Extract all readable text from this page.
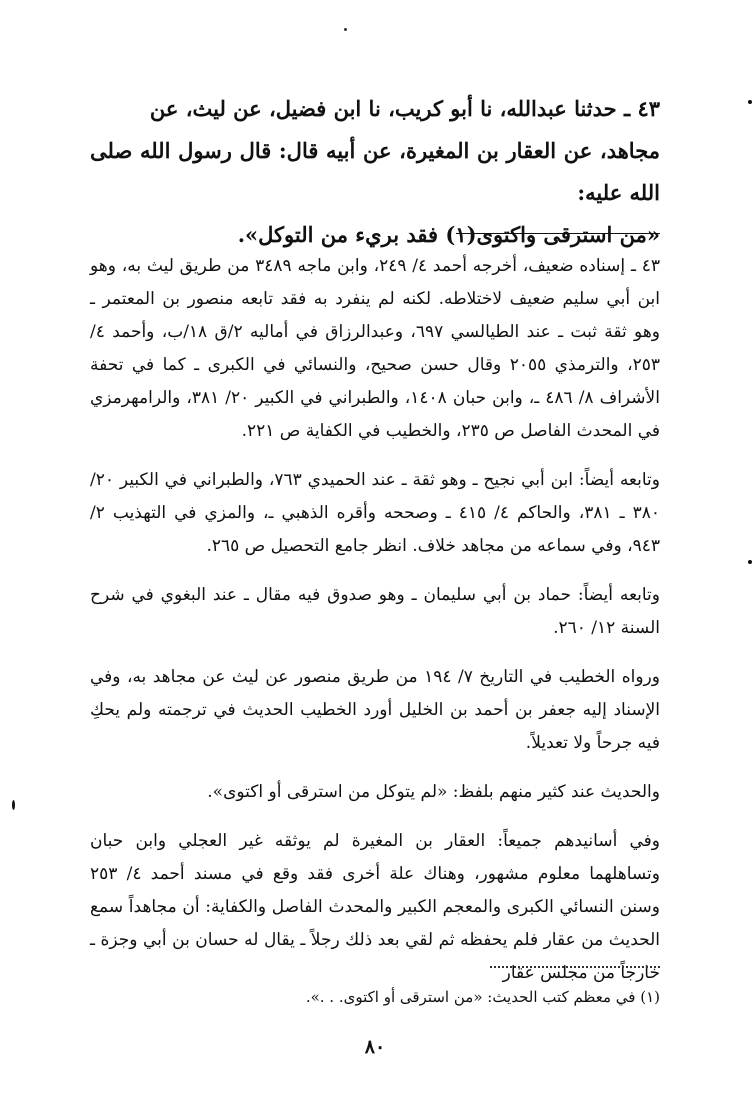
٤٣ ـ حدثنا عبدالله، نا أبو كريب، نا ابن فضيل، عن ليث، عن

مجاهد، عن العقار بن المغيرة، عن أبيه قال: قال رسول الله صلى الله عليه:

«من استرقى واكتوى(١) فقد بريء من التوكل».

٤٣ ـ إسناده ضعيف، أخرجه أحمد ٤/ ٢٤٩، وابن ماجه ٣٤٨٩ من طريق ليث به، وهو ابن أبي سليم ضعيف لاختلاطه. لكنه لم ينفرد به فقد تابعه منصور بن المعتمر ـ وهو ثقة ثبت ـ عند الطيالسي ٦٩٧، وعبدالرزاق في أماليه ٢/ق ١٨/ب، وأحمد ٤/ ٢٥٣، والترمذي ٢٠٥٥ وقال حسن صحيح، والنسائي في الكبرى ـ كما في تحفة الأشراف ٨/ ٤٨٦ ـ، وابن حبان ١٤٠٨، والطبراني في الكبير ٢٠/ ٣٨١، والرامهرمزي في المحدث الفاصل ص ٢٣٥، والخطيب في الكفاية ص ٢٢١.

وتابعه أيضاً: ابن أبي نجيح ـ وهو ثقة ـ عند الحميدي ٧٦٣، والطبراني في الكبير ٢٠/ ٣٨٠ ـ ٣٨١، والحاكم ٤/ ٤١٥ ـ وصححه وأقره الذهبي ـ، والمزي في التهذيب ٢/ ٩٤٣، وفي سماعه من مجاهد خلاف. انظر جامع التحصيل ص ٢٦٥.

وتابعه أيضاً: حماد بن أبي سليمان ـ وهو صدوق فيه مقال ـ عند البغوي في شرح السنة ١٢/ ٢٦٠.

ورواه الخطيب في التاريخ ٧/ ١٩٤ من طريق منصور عن ليث عن مجاهد به، وفي الإسناد إليه جعفر بن أحمد بن الخليل أورد الخطيب الحديث في ترجمته ولم يحكِ فيه جرحاً ولا تعديلاً.

والحديث عند كثير منهم بلفظ: «لم يتوكل من استرقى أو اكتوى».

وفي أسانيدهم جميعاً: العقار بن المغيرة لم يوثقه غير العجلي وابن حبان وتساهلهما معلوم مشهور، وهناك علة أخرى فقد وقع في مسند أحمد ٤/ ٢٥٣ وسنن النسائي الكبرى والمعجم الكبير والمحدث الفاصل والكفاية: أن مجاهداً سمع الحديث من عقار فلم يحفظه ثم لقي بعد ذلك رجلاً ـ يقال له حسان بن أبي وجزة ـ خارجاً من مجلس عقار

(١) في معظم كتب الحديث: «من استرقى أو اكتوى. . .».
٨٠
